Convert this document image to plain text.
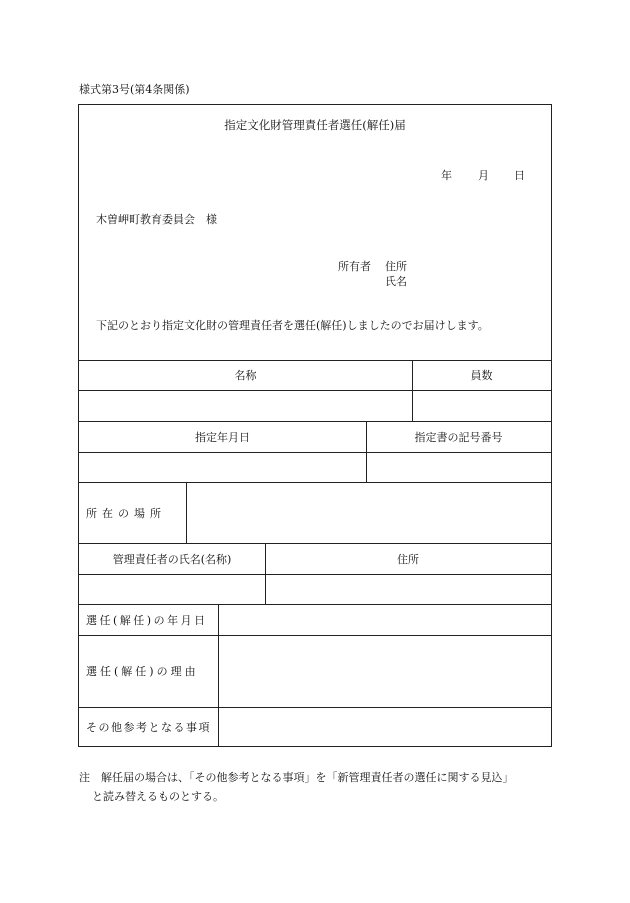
様式第3号(第4条関係)
指定文化財管理責任者選任(解任)届
年 月 日
木曽岬町教育委員会　様
所有者 住所
氏名
下記のとおり指定文化財の管理責任者を選任(解任)しましたのでお届けします。
名称	員数
指定年月日	指定書の記号番号
所在の場所
管理責任者の氏名(名称)	住所
選任(解任)の年月日
選任(解任)の理由
その他参考となる事項
注　解任届の場合は、「その他参考となる事項」を「新管理責任者の選任に関する見込」
と読み替えるものとする。
